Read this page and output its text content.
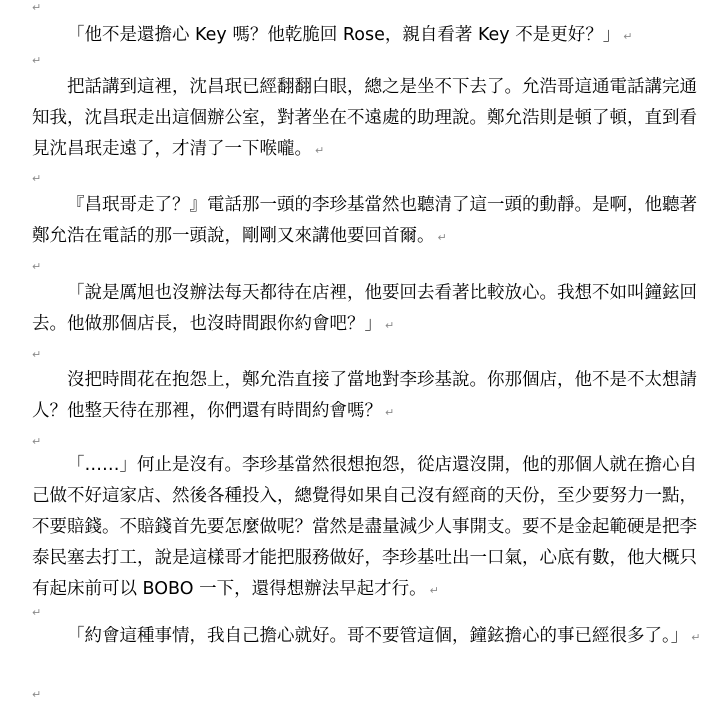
↵

「他不是還擔心 Key 嗎？他乾脆回 Rose，親自看著 Key 不是更好？」 ↵

↵

把話講到這裡，沈昌珉已經翻翻白眼，總之是坐不下去了。允浩哥這通電話講完通知我，沈昌珉走出這個辦公室，對著坐在不遠處的助理說。鄭允浩則是頓了頓，直到看見沈昌珉走遠了，才清了一下喉嚨。 ↵

↵

『昌珉哥走了？』電話那一頭的李珍基當然也聽清了這一頭的動靜。是啊，他聽著鄭允浩在電話的那一頭說，剛剛又來講他要回首爾。 ↵

↵

「說是厲旭也沒辦法每天都待在店裡，他要回去看著比較放心。我想不如叫鐘鉉回去。他做那個店長，也沒時間跟你約會吧？」 ↵

↵

沒把時間花在抱怨上，鄭允浩直接了當地對李珍基說。你那個店，他不是不太想請人？他整天待在那裡，你們還有時間約會嗎？ ↵

↵

「……」何止是沒有。李珍基當然很想抱怨，從店還沒開，他的那個人就在擔心自己做不好這家店、然後各種投入，總覺得如果自己沒有經商的天份，至少要努力一點，不要賠錢。不賠錢首先要怎麼做呢？當然是盡量減少人事開支。要不是金起範硬是把李泰民塞去打工，說是這樣哥才能把服務做好，李珍基吐出一口氣，心底有數，他大概只有起床前可以 BOBO 一下，還得想辦法早起才行。 ↵

↵

「約會這種事情，我自己擔心就好。哥不要管這個，鐘鉉擔心的事已經很多了。」 ↵

↵
